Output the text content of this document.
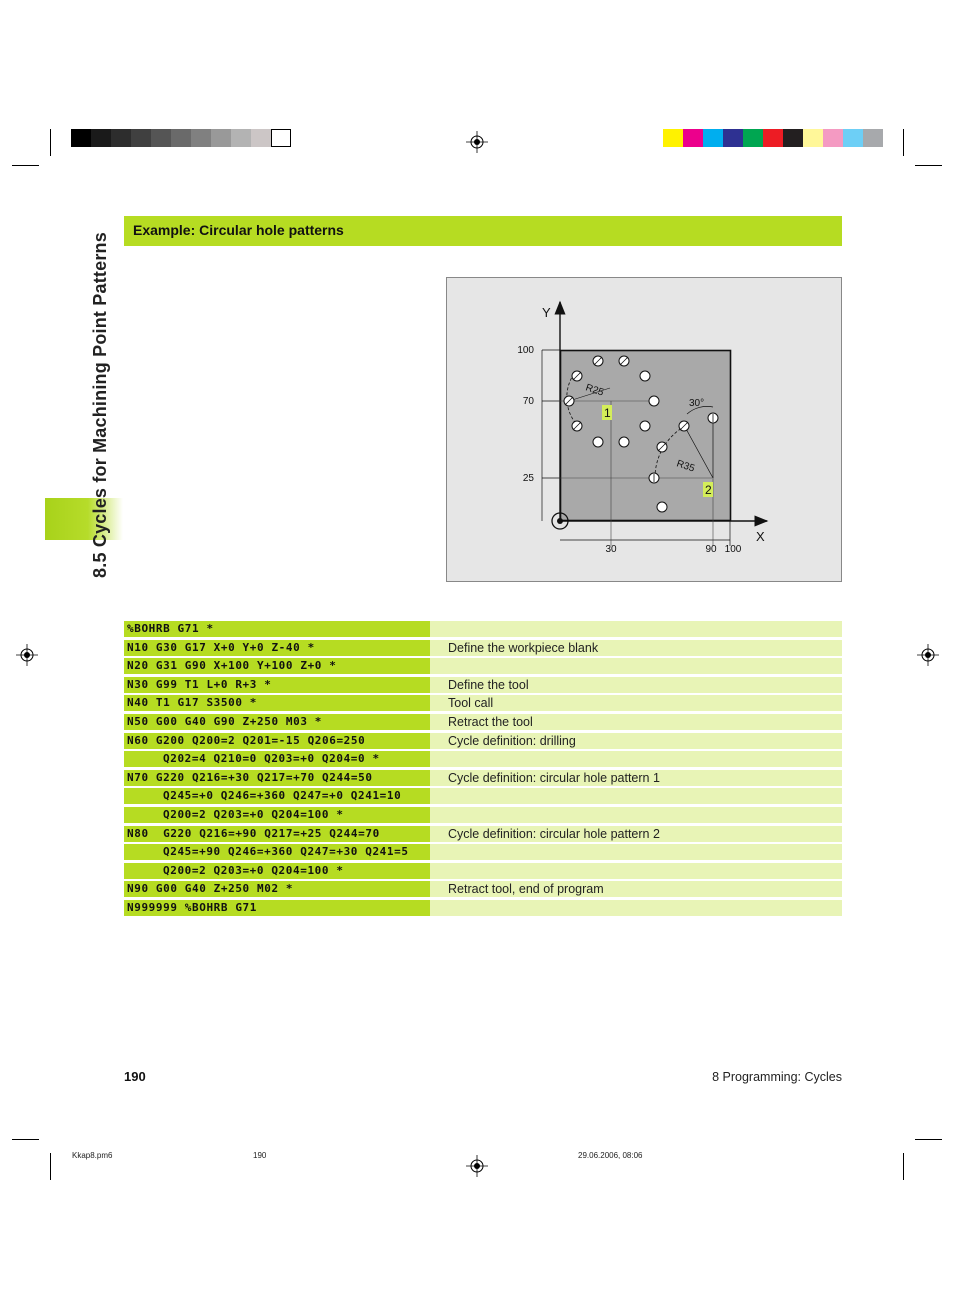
8.5 Cycles for Machining Point Patterns
Example: Circular hole patterns
Y
X
100
70
25
30	90 100
R25
R35
30°
1
2
%BOHRB G71 *
N10 G30 G17 X+0 Y+0 Z-40 *	Define the workpiece blank
N20 G31 G90 X+100 Y+100 Z+0 *
N30 G99 T1 L+0 R+3 *	Define the tool
N40 T1 G17 S3500 *	Tool call
N50 G00 G40 G90 Z+250 M03 *	Retract the tool
N60 G200 Q200=2 Q201=-15 Q206=250	Cycle definition: drilling
Q202=4 Q210=0 Q203=+0 Q204=0 *
N70 G220 Q216=+30 Q217=+70 Q244=50	Cycle definition: circular hole pattern 1
Q245=+0 Q246=+360 Q247=+0 Q241=10
Q200=2 Q203=+0 Q204=100 *
N80  G220 Q216=+90 Q217=+25 Q244=70	Cycle definition: circular hole pattern 2
Q245=+90 Q246=+360 Q247=+30 Q241=5
Q200=2 Q203=+0 Q204=100 *
N90 G00 G40 Z+250 M02 *	Retract tool, end of program
N999999 %BOHRB G71
190	8 Programming: Cycles
Kkap8.pm6	190	29.06.2006, 08:06
